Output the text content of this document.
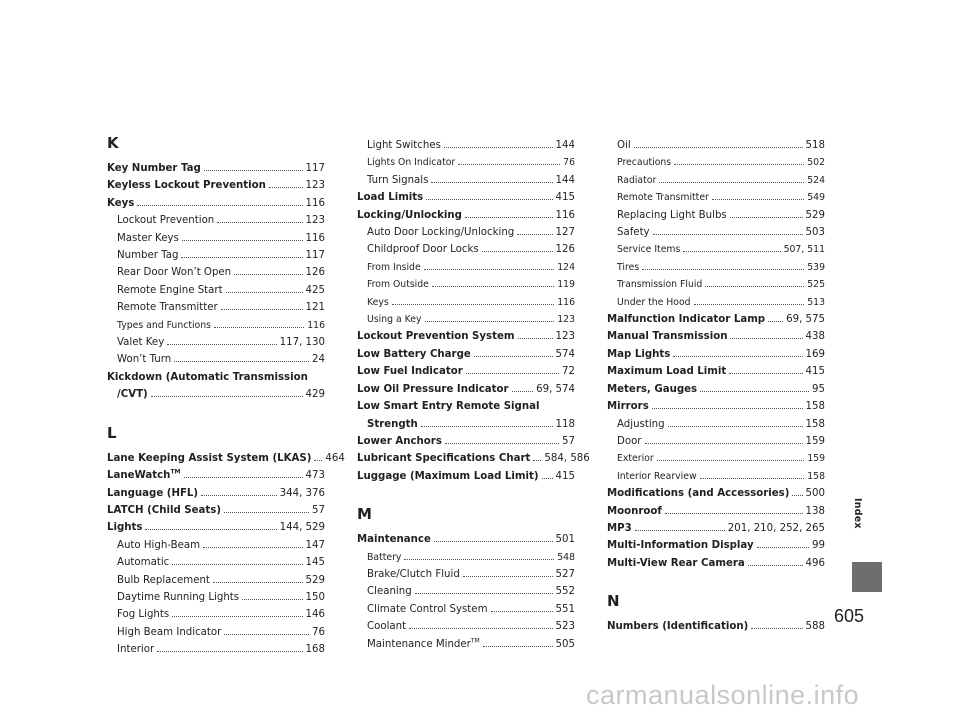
K
Key Number Tag	117
Keyless Lockout Prevention	123
Keys	116
Lockout Prevention	123
Master Keys	116
Number Tag	117
Rear Door Won’t Open	126
Remote Engine Start	425
Remote Transmitter	121
Types and Functions	116
Valet Key	117, 130
Won’t Turn	24
Kickdown (Automatic Transmission
/CVT)	429
L
Lane Keeping Assist System (LKAS) 464
LaneWatch™	473
Language (HFL)	344, 376
LATCH (Child Seats)	57
Lights	144, 529
Auto High-Beam	147
Automatic	145
Bulb Replacement	529
Daytime Running Lights	150
Fog Lights	146
High Beam Indicator	76
Interior	168
Light Switches	144
Lights On Indicator	76
Turn Signals	144
Load Limits	415
Locking/Unlocking	116
Auto Door Locking/Unlocking	127
Childproof Door Locks	126
From Inside	124
From Outside	119
Keys	116
Using a Key	123
Lockout Prevention System	123
Low Battery Charge	574
Low Fuel Indicator	72
Low Oil Pressure Indicator	69, 574
Low Smart Entry Remote Signal
Strength	118
Lower Anchors	57
Lubricant Specifications Chart 584, 586
Luggage (Maximum Load Limit) 415
M
Maintenance	501
Battery	548
Brake/Clutch Fluid	527
Cleaning	552
Climate Control System	551
Coolant	523
Maintenance Minder™	505
Oil	518
Precautions	502
Radiator	524
Remote Transmitter	549
Replacing Light Bulbs	529
Safety	503
Service Items	507, 511
Tires	539
Transmission Fluid	525
Under the Hood	513
Malfunction Indicator Lamp 69, 575
Manual Transmission	438
Map Lights	169
Maximum Load Limit	415
Meters, Gauges	95
Mirrors	158
Adjusting	158
Door	159
Exterior	159
Interior Rearview	158
Modifications (and Accessories) 500
Moonroof	138
MP3	201, 210, 252, 265
Multi-Information Display	99
Multi-View Rear Camera	496
N
Numbers (Identification)	588
Index
605
carmanualsonline.info
